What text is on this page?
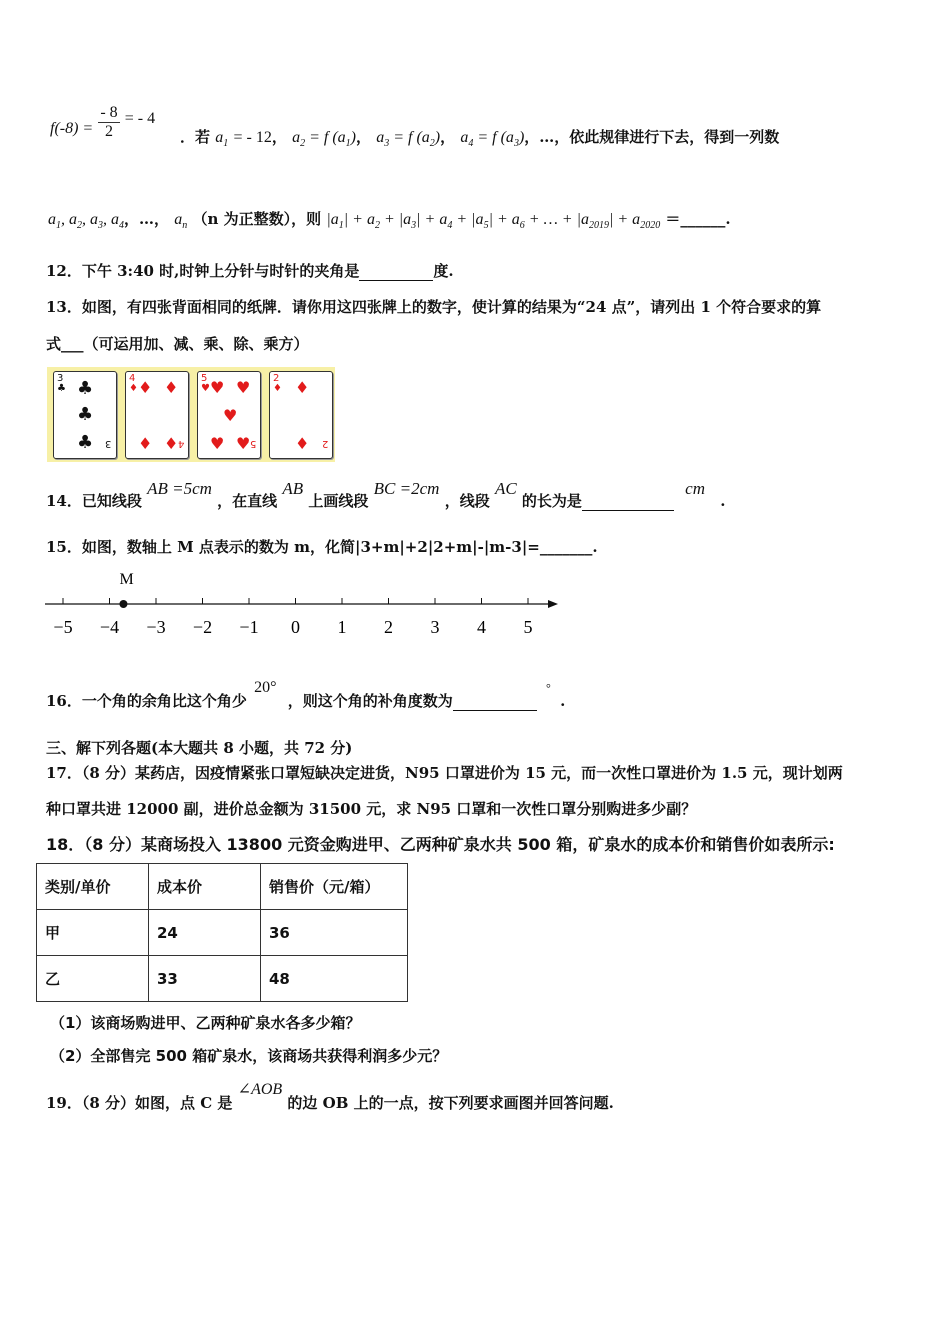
$f(-8) = \frac{- 8}{2}$ = - 4
．若 $a_1$ = - 12， $a_2 = f$ $(a_1)$， $a_3 = f$ $(a_2)$， $a_4 = f$ $(a_3)$，…，依此规律进行下去，得到一列数
$a_1$, $a_2$, $a_3$, $a_4$，…， $a_n$ （n 为正整数），则 $|a_1| + a_2 + |a_3| + a_4 + |a_5| + a_6$ + … + $|a_{2019}| + a_{2020}$ ＝______.
12．下午 3:40 时,时钟上分针与时针的夹角是	度.
13．如图，有四张背面相同的纸牌．请你用这四张牌上的数字，使计算的结果为“24 点”，请列出 1 个符合要求的算
式___（可运用加、减、乘、除、乘方）
3
♣ ♣
♣
♣ 3
4
♦ ♦ ♦
♦ ♦ 4
5
♥ ♥ ♥
♥
♥ ♥ 5
2
♦ ♦
♦ 2
14．已知线段 AB =5cm ，在直线 AB 上画线段 BC =2cm ，线段 AC 的长为是  cm .
15．如图，数轴上 M 点表示的数为 m，化简|3+m|+2|2+m|-|m-3|=_______.
M
−5 −4 −3 −2 −1 0 1 2 3 4 5
16．一个角的余角比这个角少 20° ，则这个角的补角度数为  ° .
三、解下列各题(本大题共 8 小题，共 72 分)
17．（8 分）某药店，因疫情紧张口罩短缺决定进货，N95 口罩进价为 15 元，而一次性口罩进价为 1.5 元，现计划两
种口罩共进 12000 副，进价总金额为 31500 元，求 N95 口罩和一次性口罩分别购进多少副？
18．（8 分）某商场投入 13800 元资金购进甲、乙两种矿泉水共 500 箱，矿泉水的成本价和销售价如表所示:
类别/单价	成本价	销售价（元/箱）
甲	24	36
乙	33	48
（1）该商场购进甲、乙两种矿泉水各多少箱？
（2）全部售完 500 箱矿泉水，该商场共获得利润多少元？
19．（8 分）如图，点 C 是 ∠AOB 的边 OB 上的一点，按下列要求画图并回答问题.
